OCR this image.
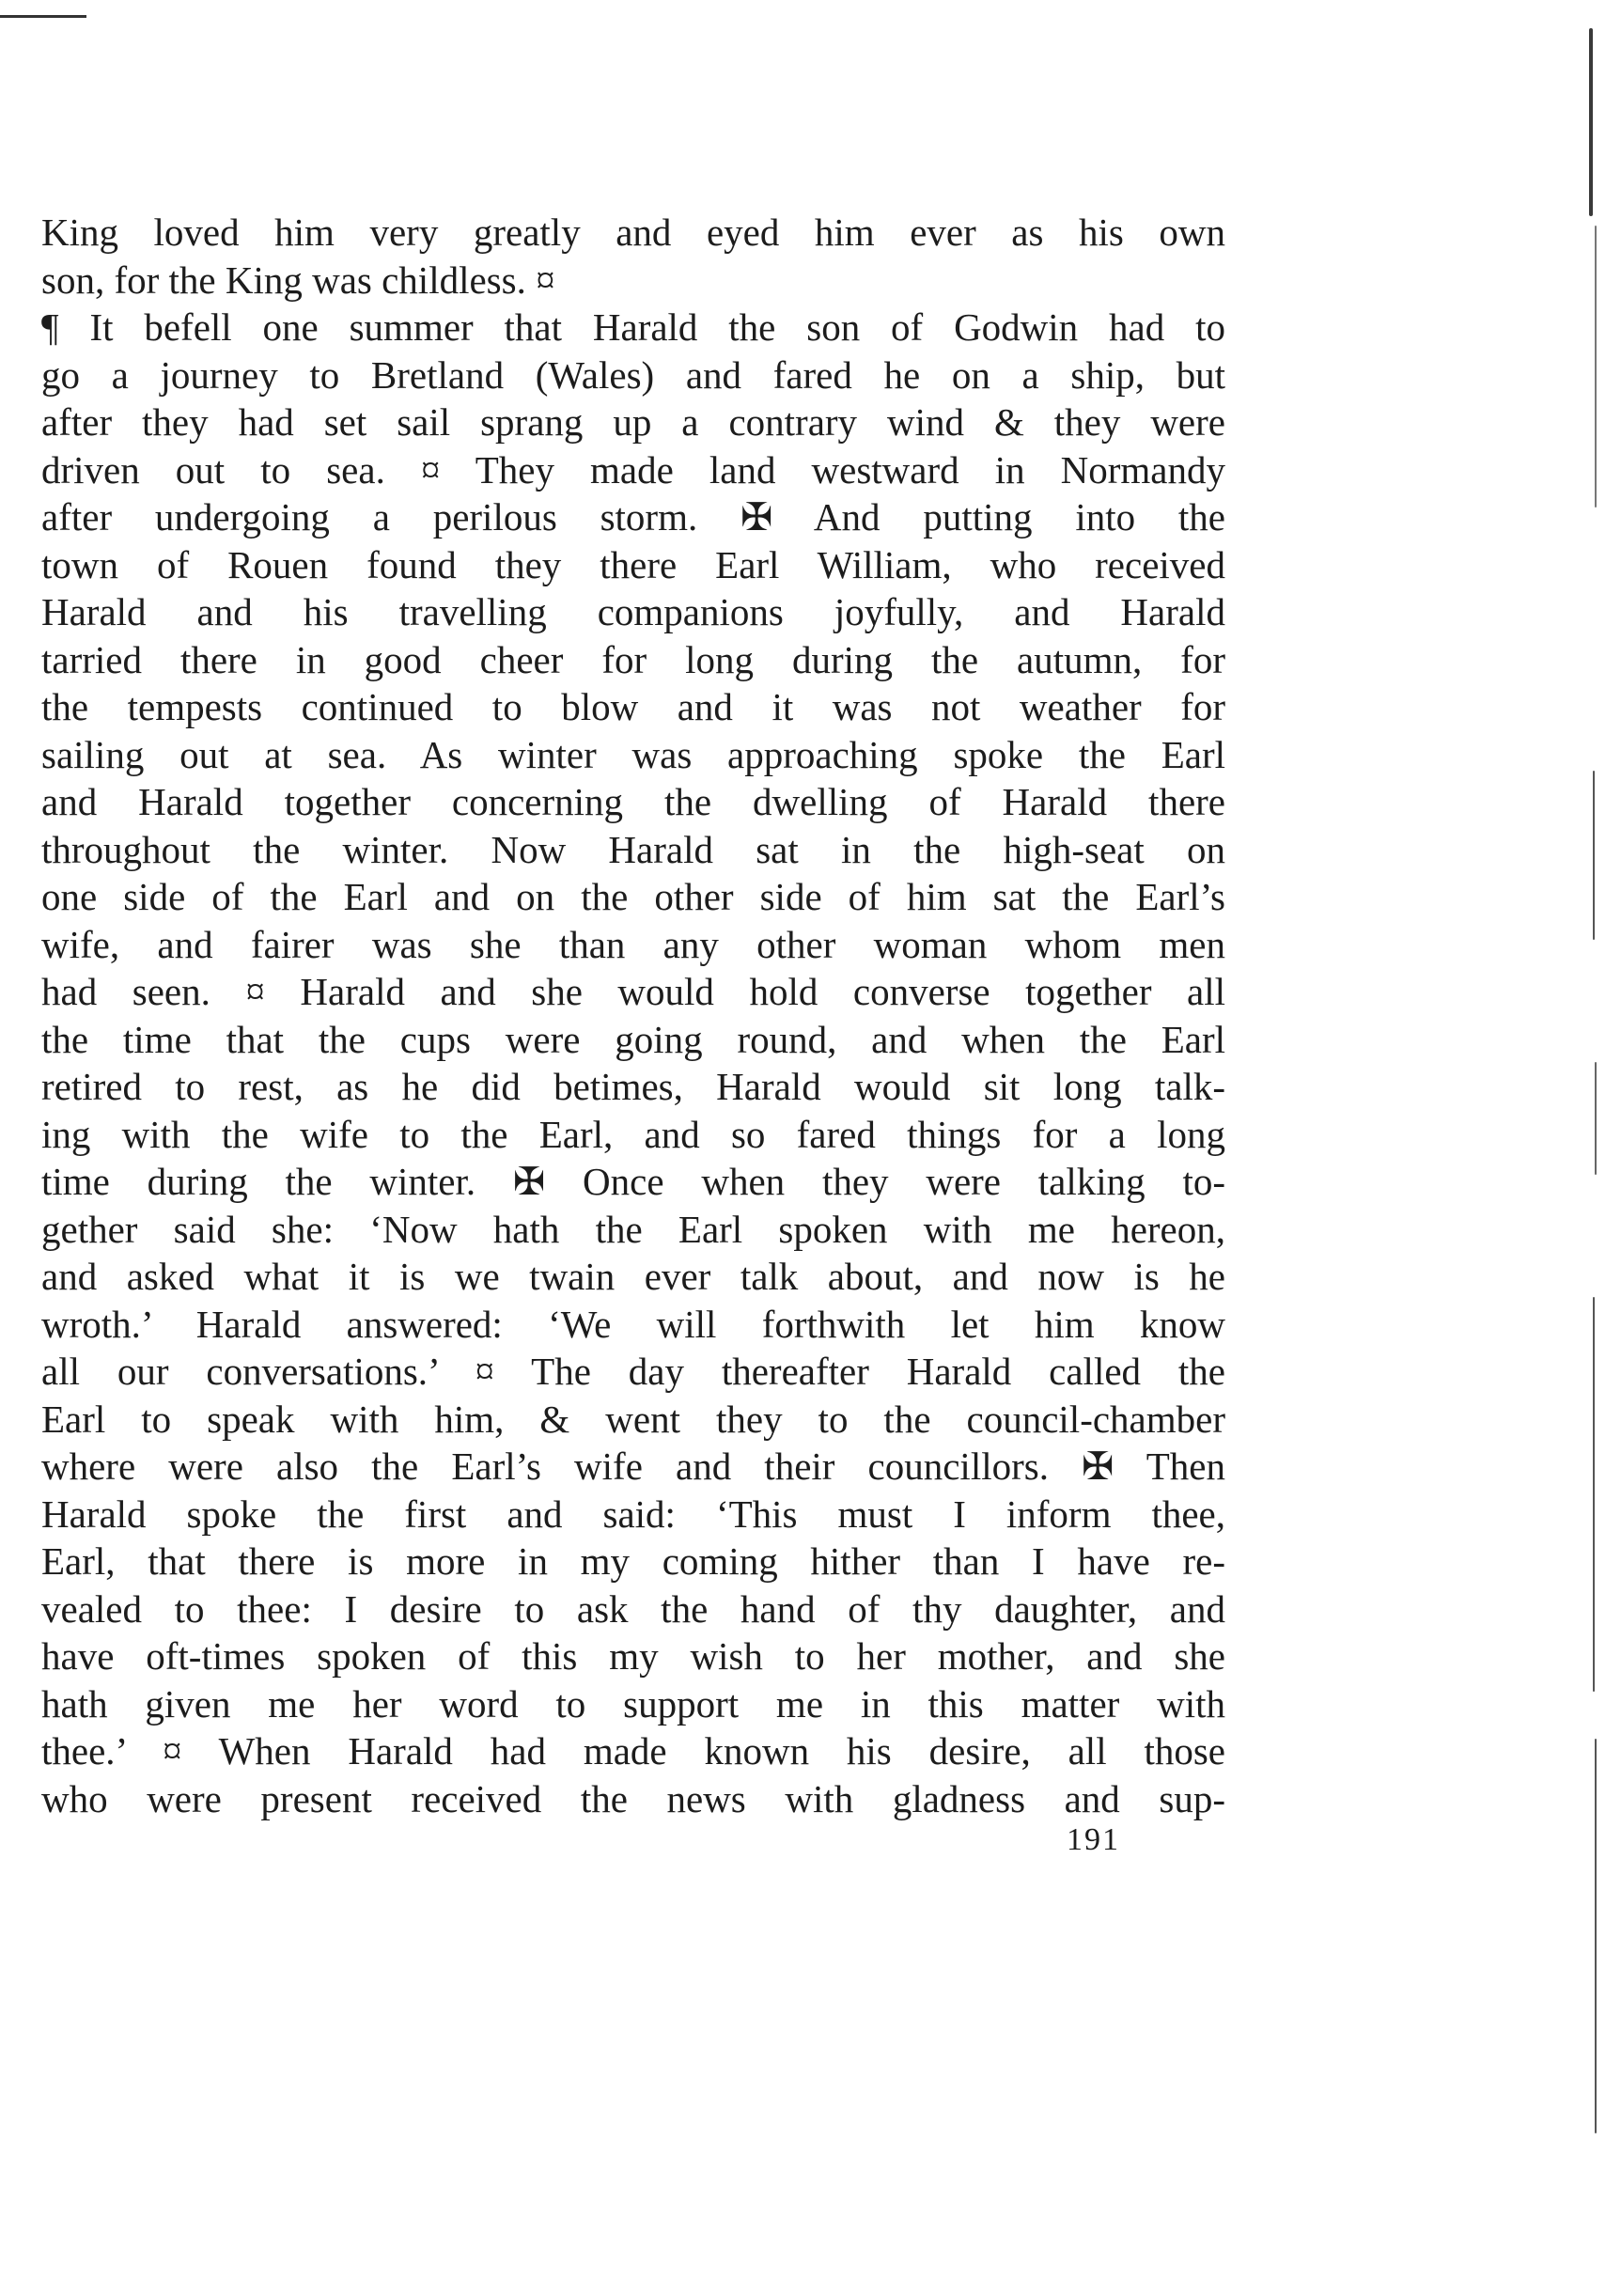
King loved him very greatly and eyed him ever as his own
son, for the King was childless. ¤
¶ It befell one summer that Harald the son of Godwin had to
go a journey to Bretland (Wales) and fared he on a ship, but
after they had set sail sprang up a contrary wind & they were
driven out to sea. ¤ They made land westward in Normandy
after undergoing a perilous storm. ✠ And putting into the
town of Rouen found they there Earl William, who received
Harald and his travelling companions joyfully, and Harald
tarried there in good cheer for long during the autumn, for
the tempests continued to blow and it was not weather for
sailing out at sea. As winter was approaching spoke the Earl
and Harald together concerning the dwelling of Harald there
throughout the winter. Now Harald sat in the high-seat on
one side of the Earl and on the other side of him sat the Earl’s
wife, and fairer was she than any other woman whom men
had seen. ¤ Harald and she would hold converse together all
the time that the cups were going round, and when the Earl
retired to rest, as he did betimes, Harald would sit long talk-
ing with the wife to the Earl, and so fared things for a long
time during the winter. ✠ Once when they were talking to-
gether said she: ‘Now hath the Earl spoken with me hereon,
and asked what it is we twain ever talk about, and now is he
wroth.’ Harald answered: ‘We will forthwith let him know
all our conversations.’ ¤ The day thereafter Harald called the
Earl to speak with him, & went they to the council-chamber
where were also the Earl’s wife and their councillors. ✠ Then
Harald spoke the first and said: ‘This must I inform thee,
Earl, that there is more in my coming hither than I have re-
vealed to thee: I desire to ask the hand of thy daughter, and
have oft-times spoken of this my wish to her mother, and she
hath given me her word to support me in this matter with
thee.’ ¤ When Harald had made known his desire, all those
who were present received the news with gladness and sup-
191
